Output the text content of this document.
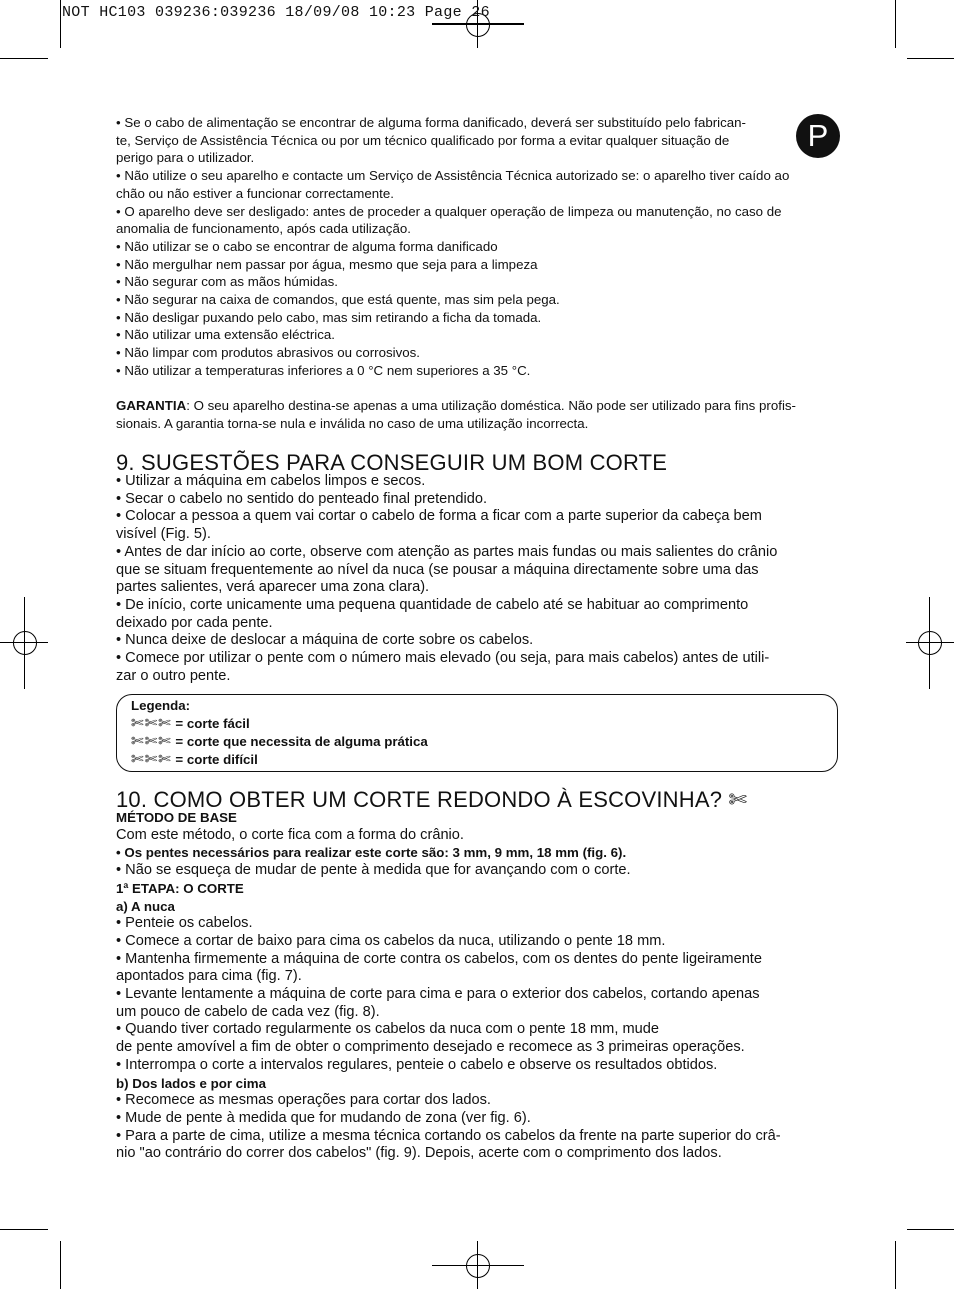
NOT HC103 039236:039236 18/09/08 10:23 Page 26
P

• Se o cabo de alimentação se encontrar de alguma forma danificado, deverá ser substituído pelo fabrican-

te, Serviço de Assistência Técnica ou por um técnico qualificado por forma a evitar qualquer situação de

perigo para o utilizador.

• Não utilize o seu aparelho e contacte um Serviço de Assistência Técnica autorizado se: o aparelho tiver caído ao

chão ou não estiver a funcionar correctamente.

• O aparelho deve ser desligado: antes de proceder a qualquer operação de limpeza ou manutenção, no caso de

anomalia de funcionamento, após cada utilização.

• Não utilizar se o cabo se encontrar de alguma forma danificado

• Não mergulhar nem passar por água, mesmo que seja para a limpeza

• Não segurar com as mãos húmidas.

• Não segurar na caixa de comandos, que está quente, mas sim pela pega.

• Não desligar puxando pelo cabo, mas sim retirando a ficha da tomada.

• Não utilizar uma extensão eléctrica.

• Não limpar com produtos abrasivos ou corrosivos.

• Não utilizar a temperaturas inferiores a 0 °C nem superiores a 35 °C.

GARANTIA: O seu aparelho destina-se apenas a uma utilização doméstica. Não pode ser utilizado para fins profis-

sionais. A garantia torna-se nula e inválida no caso de uma utilização incorrecta.

9. SUGESTÕES PARA CONSEGUIR UM BOM CORTE

• Utilizar a máquina em cabelos limpos e secos.

• Secar o cabelo no sentido do penteado final pretendido.

• Colocar a pessoa a quem vai cortar o cabelo de forma a ficar com a parte superior da cabeça bem

visível (Fig. 5).

• Antes de dar início ao corte, observe com atenção as partes mais fundas ou mais salientes do crânio

que se situam frequentemente ao nível da nuca (se pousar a máquina directamente sobre uma das

partes salientes, verá aparecer uma zona clara).

• De início, corte unicamente uma pequena quantidade de cabelo até se habituar ao comprimento

deixado por cada pente.

• Nunca deixe de deslocar a máquina de corte sobre os cabelos.

• Comece por utilizar o pente com o número mais elevado (ou seja, para mais cabelos) antes de utili-

zar o outro pente.

Legenda:
✄✄✄ = corte fácil
✄✄✄ = corte que necessita de alguma prática
✄✄✄ = corte difícil
10. COMO OBTER UM CORTE REDONDO À ESCOVINHA? ✄

MÉTODO DE BASE

Com este método, o corte fica com a forma do crânio.

• Os pentes necessários para realizar este corte são: 3 mm, 9 mm, 18 mm (fig. 6).

• Não se esqueça de mudar de pente à medida que for avançando com o corte.

1ª ETAPA: O CORTE

a) A nuca

• Penteie os cabelos.

• Comece a cortar de baixo para cima os cabelos da nuca, utilizando o pente 18 mm.

• Mantenha firmemente a máquina de corte contra os cabelos, com os dentes do pente ligeiramente

apontados para cima (fig. 7).

• Levante lentamente a máquina de corte para cima e para o exterior dos cabelos, cortando apenas

um pouco de cabelo de cada vez (fig. 8).

• Quando tiver cortado regularmente os cabelos da nuca com o pente 18 mm, mude

de pente amovível a fim de obter o comprimento desejado e recomece as 3 primeiras operações.

• Interrompa o corte a intervalos regulares, penteie o cabelo e observe os resultados obtidos.

b) Dos lados e por cima

• Recomece as mesmas operações para cortar dos lados.

• Mude de pente à medida que for mudando de zona (ver fig. 6).

• Para a parte de cima, utilize a mesma técnica cortando os cabelos da frente na parte superior do crâ-

nio "ao contrário do correr dos cabelos" (fig. 9). Depois, acerte com o comprimento dos lados.
